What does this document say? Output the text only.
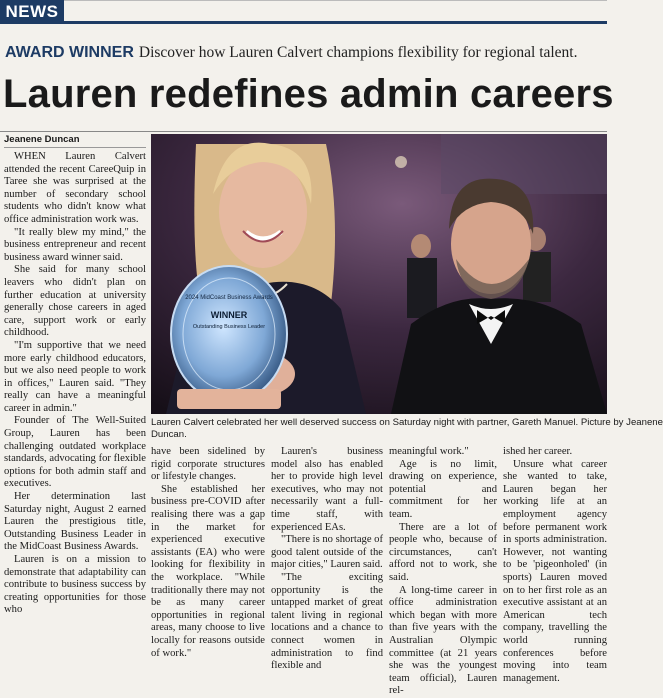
NEWS
AWARD WINNER Discover how Lauren Calvert champions flexibility for regional talent.
Lauren redefines admin careers
Jeanene Duncan

WHEN Lauren Calvert attended the recent CareeQuip in Taree she was surprised at the number of secondary school students who didn't know what office administration work was.

"It really blew my mind," the business entrepreneur and recent business award winner said.

She said for many school leavers who didn't plan on further education at university generally chose careers in aged care, support work or early childhood.

"I'm supportive that we need more early childhood educators, but we also need people to work in offices," Lauren said. "They really can have a meaningful career in admin."

Founder of The Well-Suited Group, Lauren has been challenging outdated workplace standards, advocating for flexible options for both admin staff and executives.

Her determination last Saturday night, August 2 earned Lauren the prestigious title, Outstanding Business Leader in the MidCoast Business Awards.

Lauren is on a mission to demonstrate that adaptability can contribute to business success by creating opportunities for those who

2024 MidCoast Business Awards
WINNER
Outstanding Business Leader
Lauren Calvert celebrated her well deserved success on Saturday night with partner, Gareth Manuel. Picture by Jeanene
Duncan.

have been sidelined by rigid corporate structures or lifestyle changes.

She established her business pre-COVID after realising there was a gap in the market for experienced executive assistants (EA) who were looking for flexibility in the workplace. "While traditionally there may not be as many career opportunities in regional areas, many choose to live locally for reasons outside of work."

Lauren's business model also has enabled her to provide high level executives, who may not necessarily want a full-time staff, with experienced EAs.

"There is no shortage of good talent outside of the major cities," Lauren said.

"The exciting opportunity is the untapped market of great talent living in regional locations and a chance to connect women in administration to find flexible and

meaningful work."

Age is no limit, drawing on experience, potential and commitment for her team.

There are a lot of people who, because of circumstances, can't afford not to work, she said.

A long-time career in office administration which began with more than five years with the Australian Olympic committee (at 21 years she was the youngest team official), Lauren rel-

ished her career.

Unsure what career she wanted to take, Lauren began her working life at an employment agency before permanent work in sports administration. However, not wanting to be 'pigeonholed' (in sports) Lauren moved on to her first role as an executive assistant at an American tech company, travelling the world running conferences before moving into team management.
